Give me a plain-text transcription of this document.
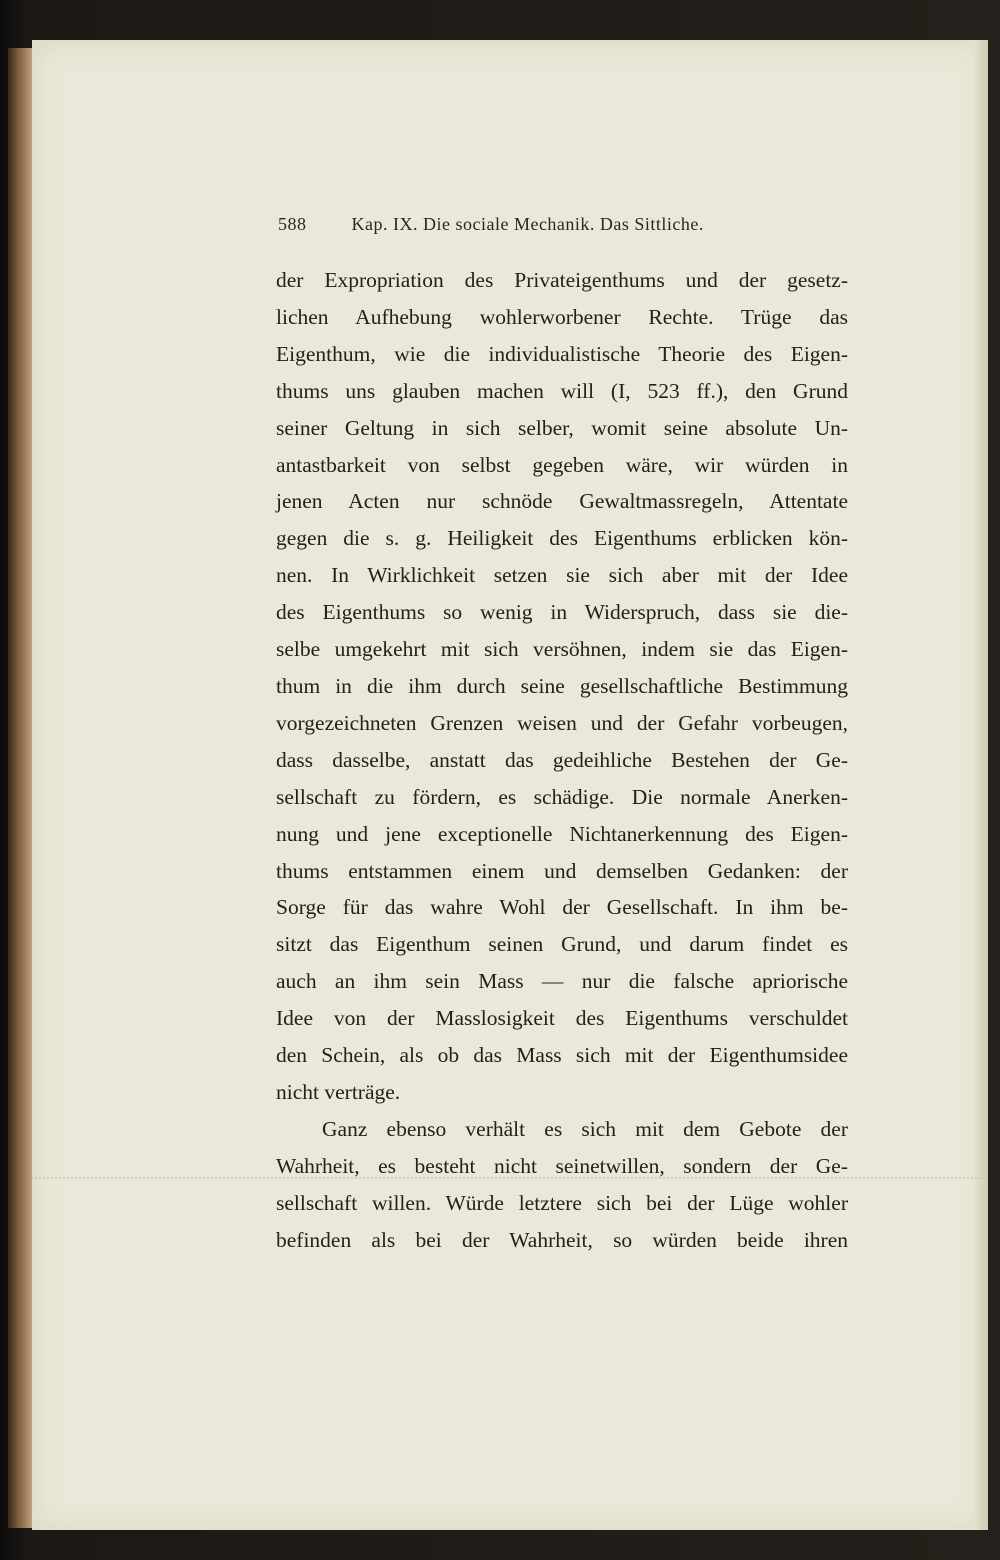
588	Kap. IX. Die sociale Mechanik. Das Sittliche.
der Expropriation des Privateigenthums und der gesetz-
lichen Aufhebung wohlerworbener Rechte. Trüge das
Eigenthum, wie die individualistische Theorie des Eigen-
thums uns glauben machen will (I, 523 ff.), den Grund
seiner Geltung in sich selber, womit seine absolute Un-
antastbarkeit von selbst gegeben wäre, wir würden in
jenen Acten nur schnöde Gewaltmassregeln, Attentate
gegen die s. g. Heiligkeit des Eigenthums erblicken kön-
nen. In Wirklichkeit setzen sie sich aber mit der Idee
des Eigenthums so wenig in Widerspruch, dass sie die-
selbe umgekehrt mit sich versöhnen, indem sie das Eigen-
thum in die ihm durch seine gesellschaftliche Bestimmung
vorgezeichneten Grenzen weisen und der Gefahr vorbeugen,
dass dasselbe, anstatt das gedeihliche Bestehen der Ge-
sellschaft zu fördern, es schädige. Die normale Anerken-
nung und jene exceptionelle Nichtanerkennung des Eigen-
thums entstammen einem und demselben Gedanken: der
Sorge für das wahre Wohl der Gesellschaft. In ihm be-
sitzt das Eigenthum seinen Grund, und darum findet es
auch an ihm sein Mass — nur die falsche apriorische
Idee von der Masslosigkeit des Eigenthums verschuldet
den Schein, als ob das Mass sich mit der Eigenthumsidee
nicht verträge.
Ganz ebenso verhält es sich mit dem Gebote der
Wahrheit, es besteht nicht seinetwillen, sondern der Ge-
sellschaft willen. Würde letztere sich bei der Lüge wohler
befinden als bei der Wahrheit, so würden beide ihren
